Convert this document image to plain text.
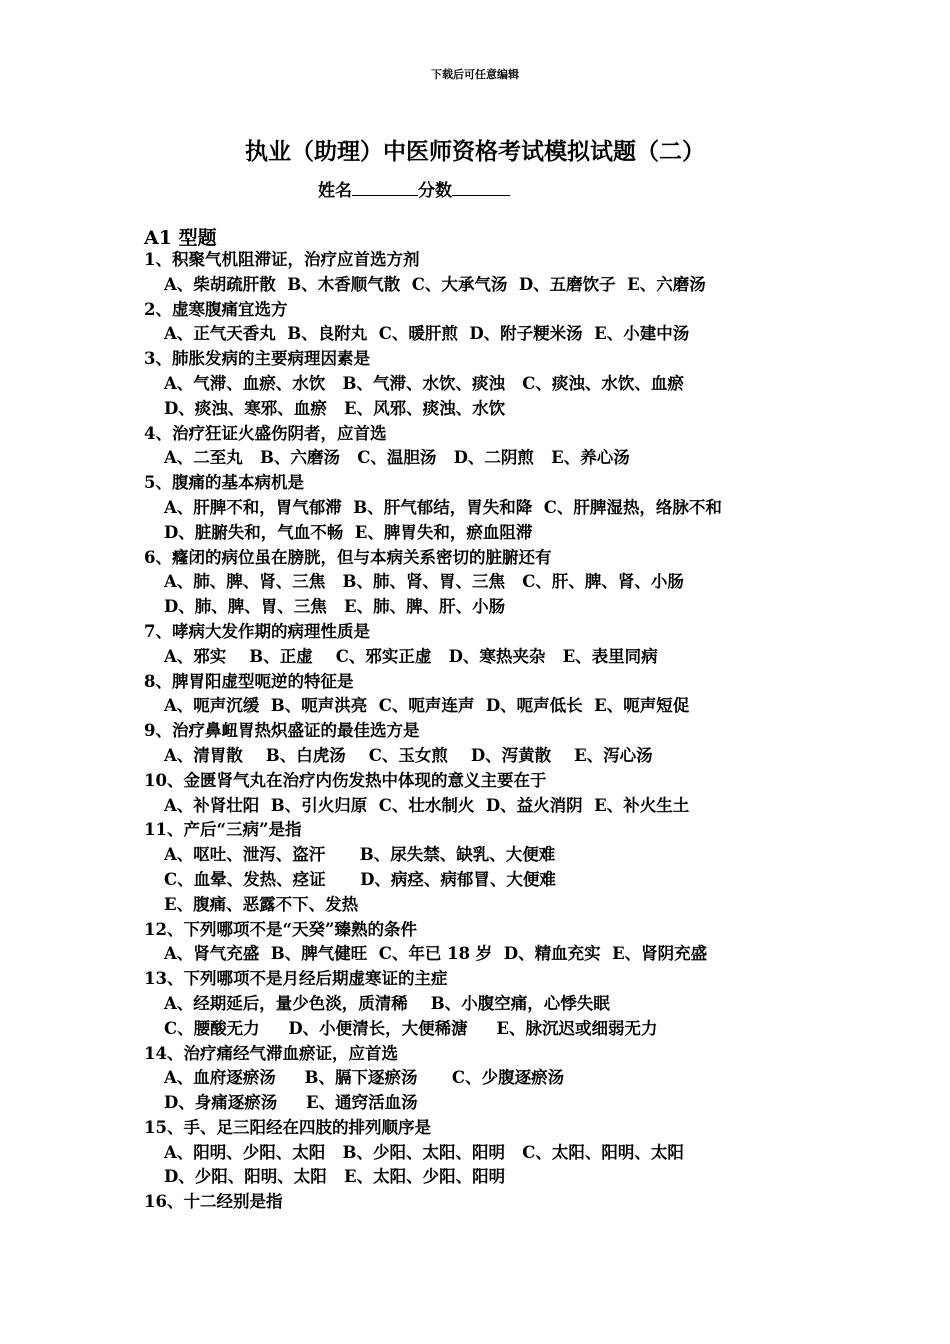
下载后可任意编辑
执业（助理）中医师资格考试模拟试题（二）
姓名	分数
A1 型题
1、积聚气机阻滞证，治疗应首选方剂
A、柴胡疏肝散  B、木香顺气散  C、大承气汤  D、五磨饮子  E、六磨汤
2、虚寒腹痛宜选方
A、正气天香丸  B、良附丸  C、暖肝煎  D、附子粳米汤  E、小建中汤
3、肺胀发病的主要病理因素是
A、气滞、血瘀、水饮   B、气滞、水饮、痰浊   C、痰浊、水饮、血瘀
D、痰浊、寒邪、血瘀   E、风邪、痰浊、水饮
4、治疗狂证火盛伤阴者，应首选
A、二至丸   B、六磨汤   C、温胆汤   D、二阴煎   E、养心汤
5、腹痛的基本病机是
A、肝脾不和，胃气郁滞  B、肝气郁结，胃失和降  C、肝脾湿热，络脉不和
D、脏腑失和，气血不畅  E、脾胃失和，瘀血阻滞
6、癃闭的病位虽在膀胱，但与本病关系密切的脏腑还有
A、肺、脾、肾、三焦   B、肺、肾、胃、三焦   C、肝、脾、肾、小肠
D、肺、脾、胃、三焦   E、肺、脾、肝、小肠
7、哮病大发作期的病理性质是
A、邪实    B、正虚    C、邪实正虚   D、寒热夹杂   E、表里同病
8、脾胃阳虚型呃逆的特征是
A、呃声沉缓  B、呃声洪亮  C、呃声连声  D、呃声低长  E、呃声短促
9、治疗鼻衄胃热炽盛证的最佳选方是
A、清胃散    B、白虎汤    C、玉女煎    D、泻黄散    E、泻心汤
10、金匮肾气丸在治疗内伤发热中体现的意义主要在于
A、补肾壮阳  B、引火归原  C、壮水制火  D、益火消阴  E、补火生土
11、产后“三病”是指
A、呕吐、泄泻、盗汗      B、尿失禁、缺乳、大便难
C、血晕、发热、痉证      D、病痉、病郁冒、大便难
E、腹痛、恶露不下、发热
12、下列哪项不是“天癸”臻熟的条件
A、肾气充盛  B、脾气健旺  C、年已 18 岁  D、精血充实  E、肾阴充盛
13、下列哪项不是月经后期虚寒证的主症
A、经期延后，量少色淡，质清稀    B、小腹空痛，心悸失眠
C、腰酸无力     D、小便清长，大便稀溏     E、脉沉迟或细弱无力
14、治疗痛经气滞血瘀证，应首选
A、血府逐瘀汤     B、膈下逐瘀汤      C、少腹逐瘀汤
D、身痛逐瘀汤     E、通窍活血汤
15、手、足三阳经在四肢的排列顺序是
A、阳明、少阳、太阳   B、少阳、太阳、阳明   C、太阳、阳明、太阳
D、少阳、阳明、太阳   E、太阳、少阳、阳明
16、十二经别是指
